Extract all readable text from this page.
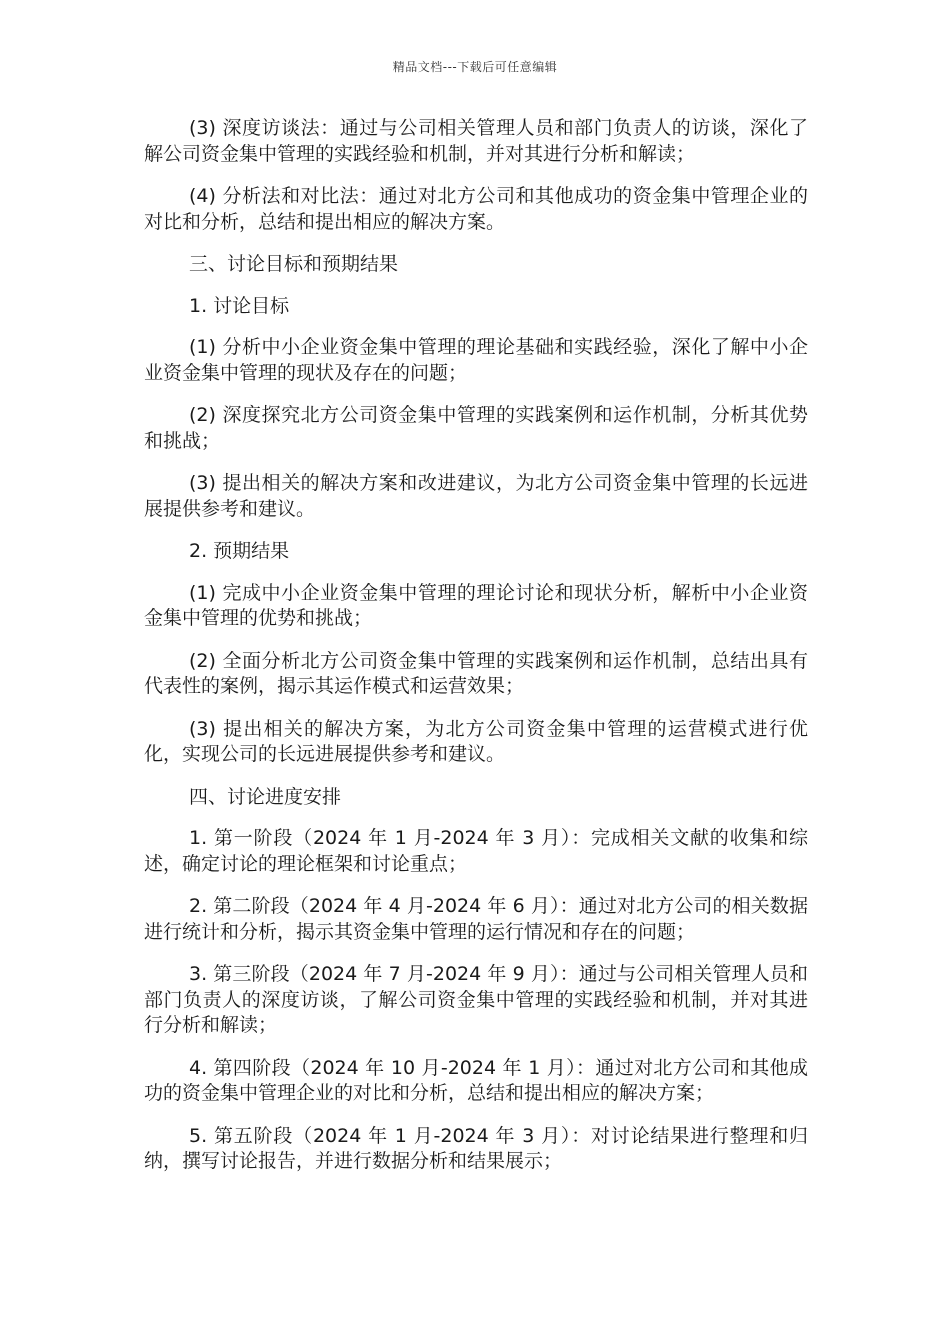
精品文档---下载后可任意编辑

(3) 深度访谈法：通过与公司相关管理人员和部门负责人的访谈，深化了解公司资金集中管理的实践经验和机制，并对其进行分析和解读；

(4) 分析法和对比法：通过对北方公司和其他成功的资金集中管理企业的对比和分析，总结和提出相应的解决方案。

三、讨论目标和预期结果

1. 讨论目标

(1) 分析中小企业资金集中管理的理论基础和实践经验，深化了解中小企业资金集中管理的现状及存在的问题；

(2) 深度探究北方公司资金集中管理的实践案例和运作机制，分析其优势和挑战；

(3) 提出相关的解决方案和改进建议，为北方公司资金集中管理的长远进展提供参考和建议。

2. 预期结果

(1) 完成中小企业资金集中管理的理论讨论和现状分析，解析中小企业资金集中管理的优势和挑战；

(2) 全面分析北方公司资金集中管理的实践案例和运作机制，总结出具有代表性的案例，揭示其运作模式和运营效果；

(3) 提出相关的解决方案，为北方公司资金集中管理的运营模式进行优化，实现公司的长远进展提供参考和建议。

四、讨论进度安排

1. 第一阶段（2024 年 1 月-2024 年 3 月）：完成相关文献的收集和综述，确定讨论的理论框架和讨论重点；

2. 第二阶段（2024 年 4 月-2024 年 6 月）：通过对北方公司的相关数据进行统计和分析，揭示其资金集中管理的运行情况和存在的问题；

3. 第三阶段（2024 年 7 月-2024 年 9 月）：通过与公司相关管理人员和部门负责人的深度访谈，了解公司资金集中管理的实践经验和机制，并对其进行分析和解读；

4. 第四阶段（2024 年 10 月-2024 年 1 月）：通过对北方公司和其他成功的资金集中管理企业的对比和分析，总结和提出相应的解决方案；

5. 第五阶段（2024 年 1 月-2024 年 3 月）：对讨论结果进行整理和归纳，撰写讨论报告，并进行数据分析和结果展示；
